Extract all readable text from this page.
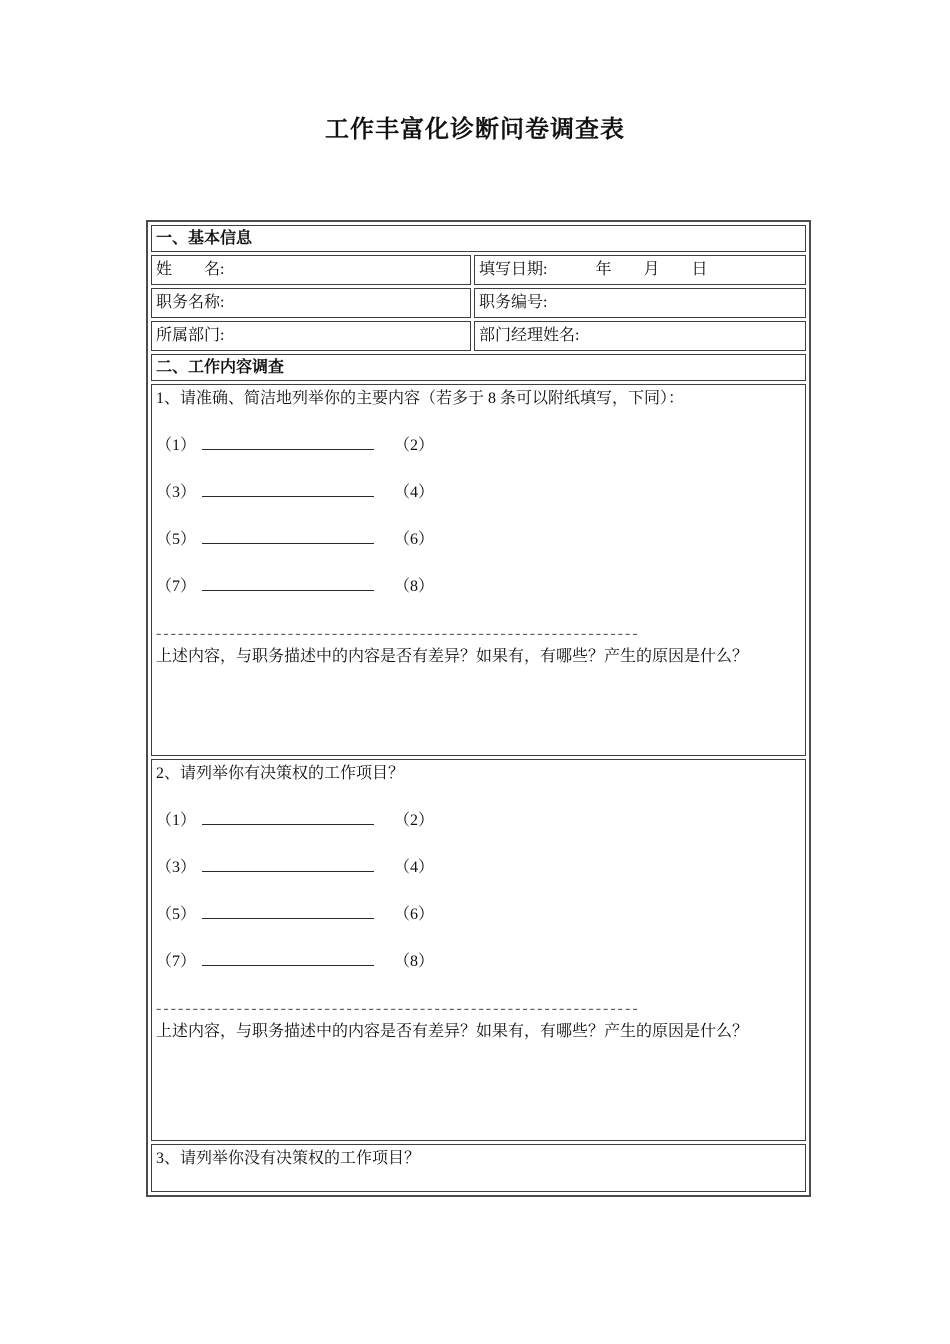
工作丰富化诊断问卷调查表
一、基本信息	
姓　　名:	填写日期:　　　年　　月　　日
职务名称:	职务编号:
所属部门:	部门经理姓名:
二、工作内容调查	

1、请准确、简洁地列举你的主要内容（若多于 8 条可以附纸填写，下同）：

（1）	（2）

（3）	（4）

（5）	（6）

（7）	（8）

------------------------------------------------------------------

上述内容，与职务描述中的内容是否有差异？如果有，有哪些？产生的原因是什么？

2、请列举你有决策权的工作项目？

（1）	（2）

（3）	（4）

（5）	（6）

（7）	（8）

------------------------------------------------------------------

上述内容，与职务描述中的内容是否有差异？如果有，有哪些？产生的原因是什么？

3、请列举你没有决策权的工作项目？	
